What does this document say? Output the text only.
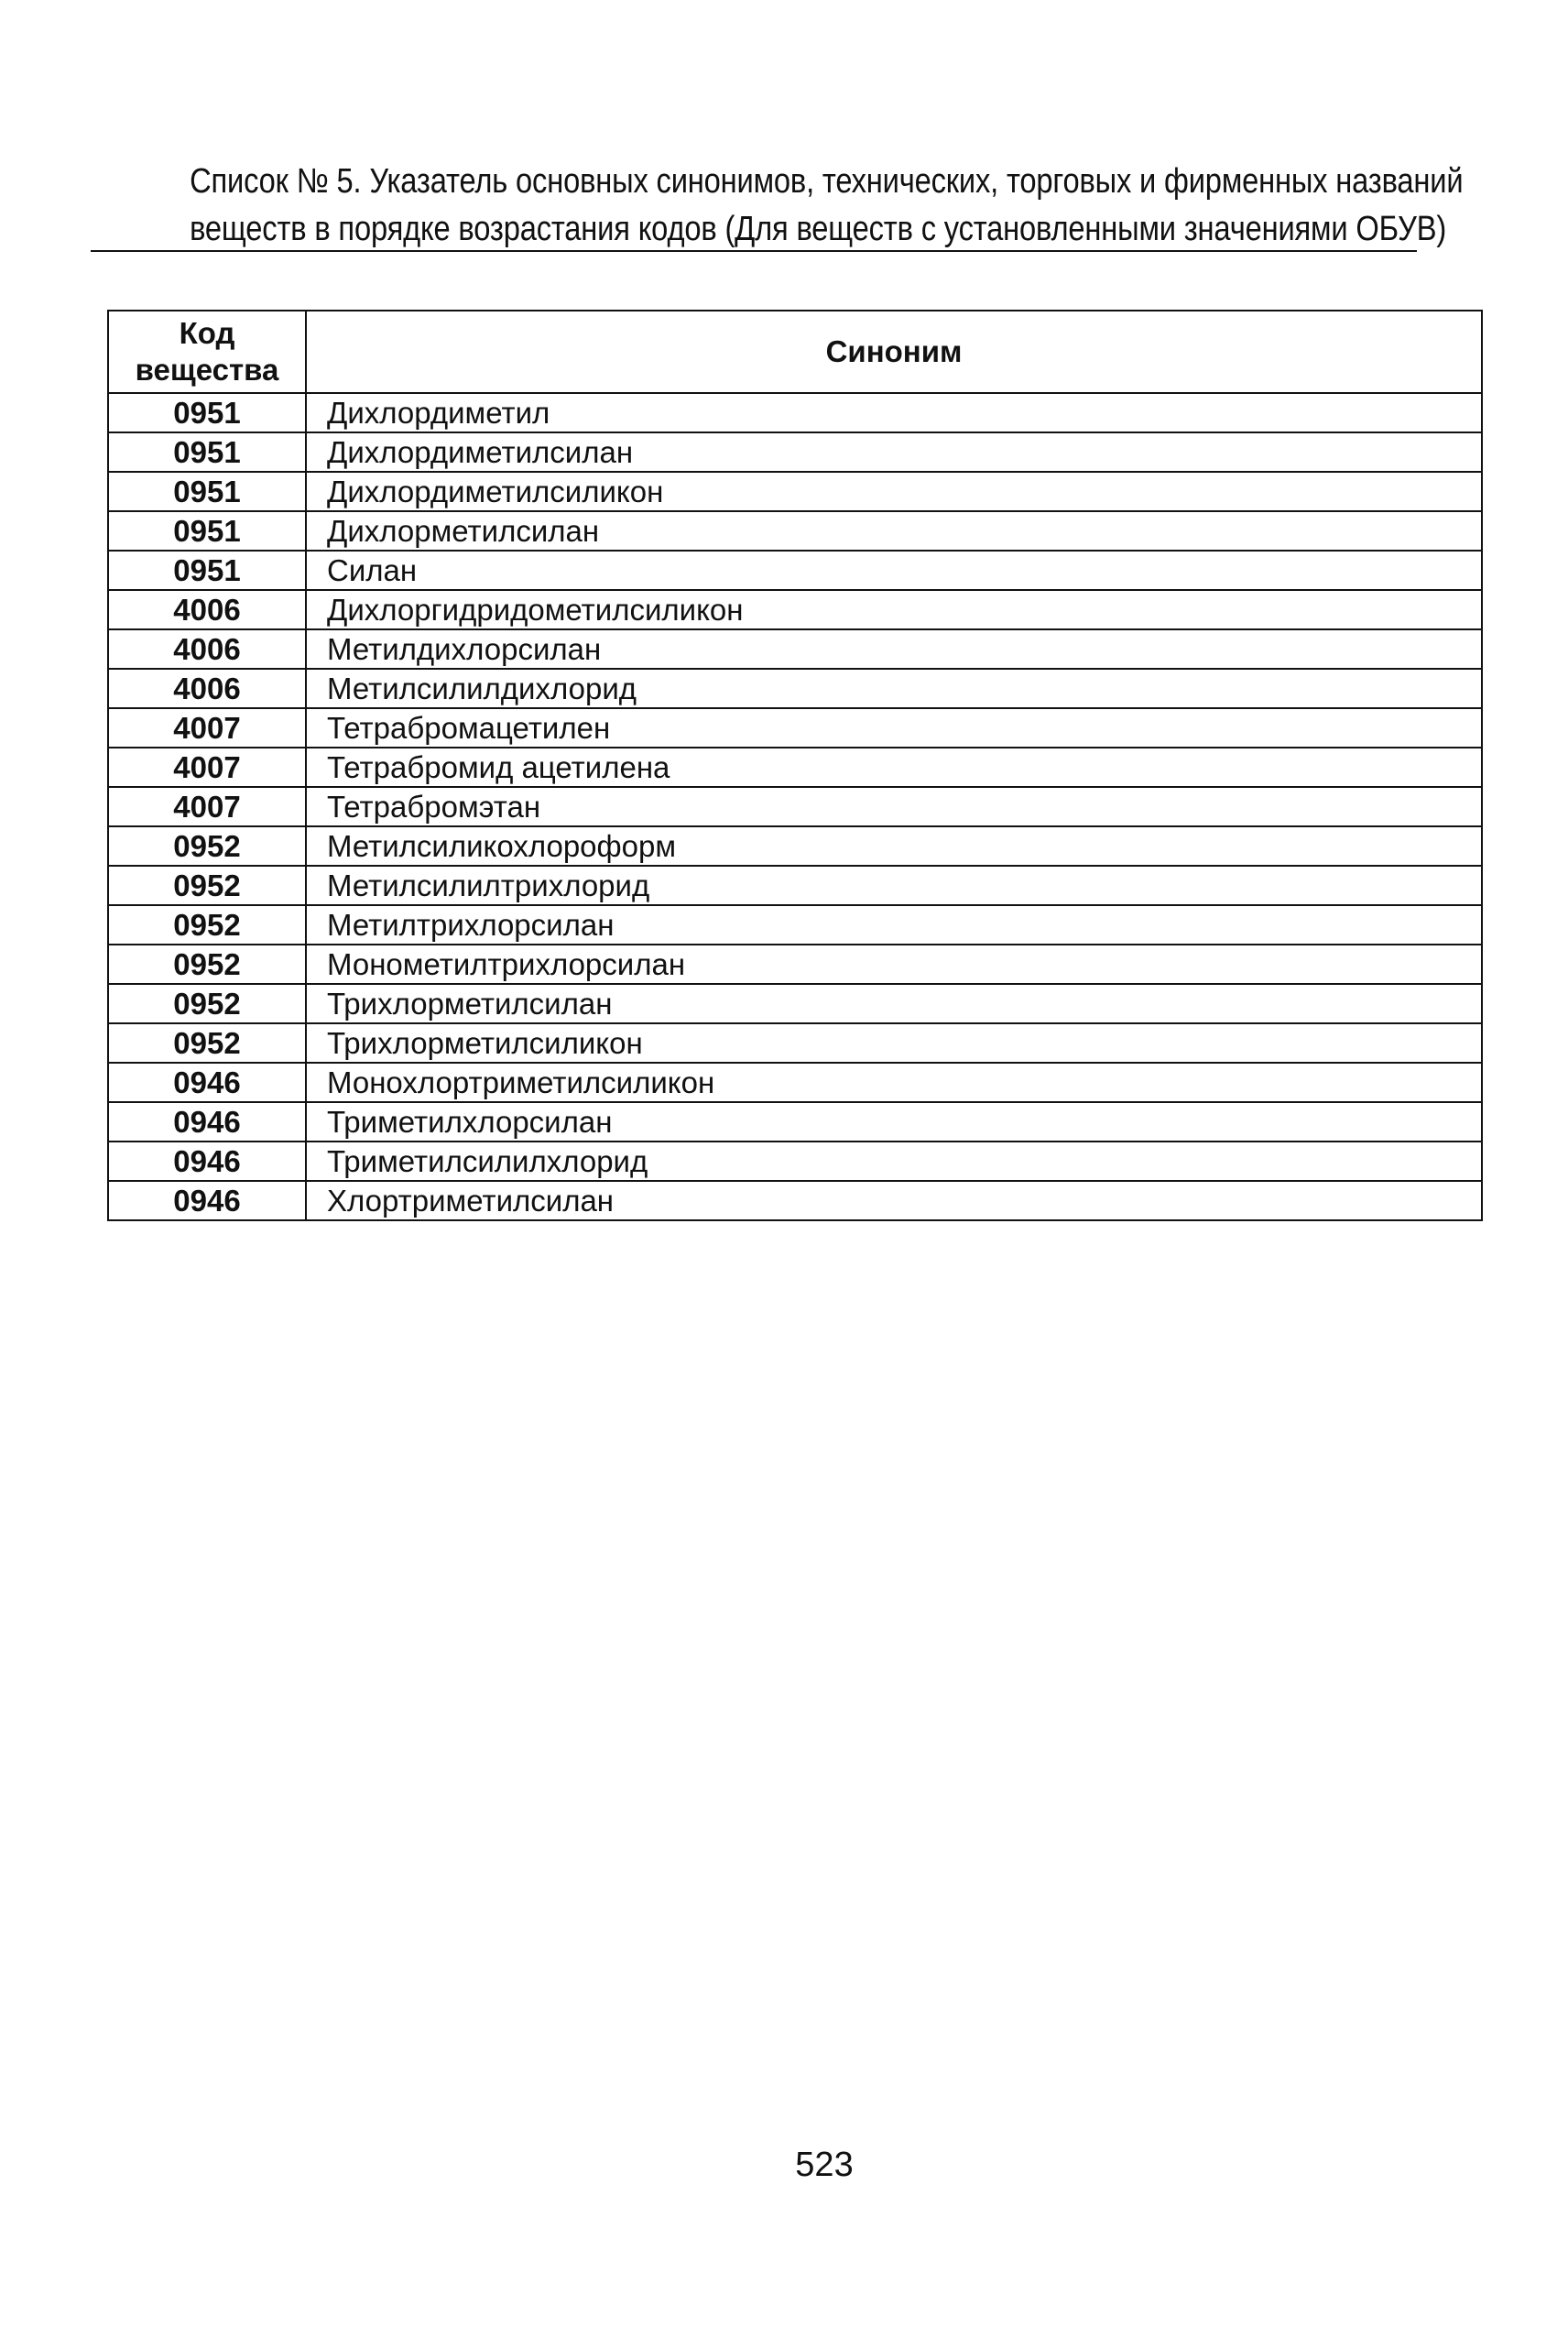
Список № 5. Указатель основных синонимов, технических, торговых и фирменных названий
веществ в порядке возрастания кодов (Для веществ с установленными значениями ОБУВ)
Код вещества	Синоним
0951	Дихлордиметил
0951	Дихлордиметилсилан
0951	Дихлордиметилсиликон
0951	Дихлорметилсилан
0951	Силан
4006	Дихлоргидридометилсиликон
4006	Метилдихлорсилан
4006	Метилсилилдихлорид
4007	Тетрабромацетилен
4007	Тетрабромид ацетилена
4007	Тетрабромэтан
0952	Метилсиликохлороформ
0952	Метилсилилтрихлорид
0952	Метилтрихлорсилан
0952	Монометилтрихлорсилан
0952	Трихлорметилсилан
0952	Трихлорметилсиликон
0946	Монохлортриметилсиликон
0946	Триметилхлорсилан
0946	Триметилсилилхлорид
0946	Хлортриметилсилан
523
